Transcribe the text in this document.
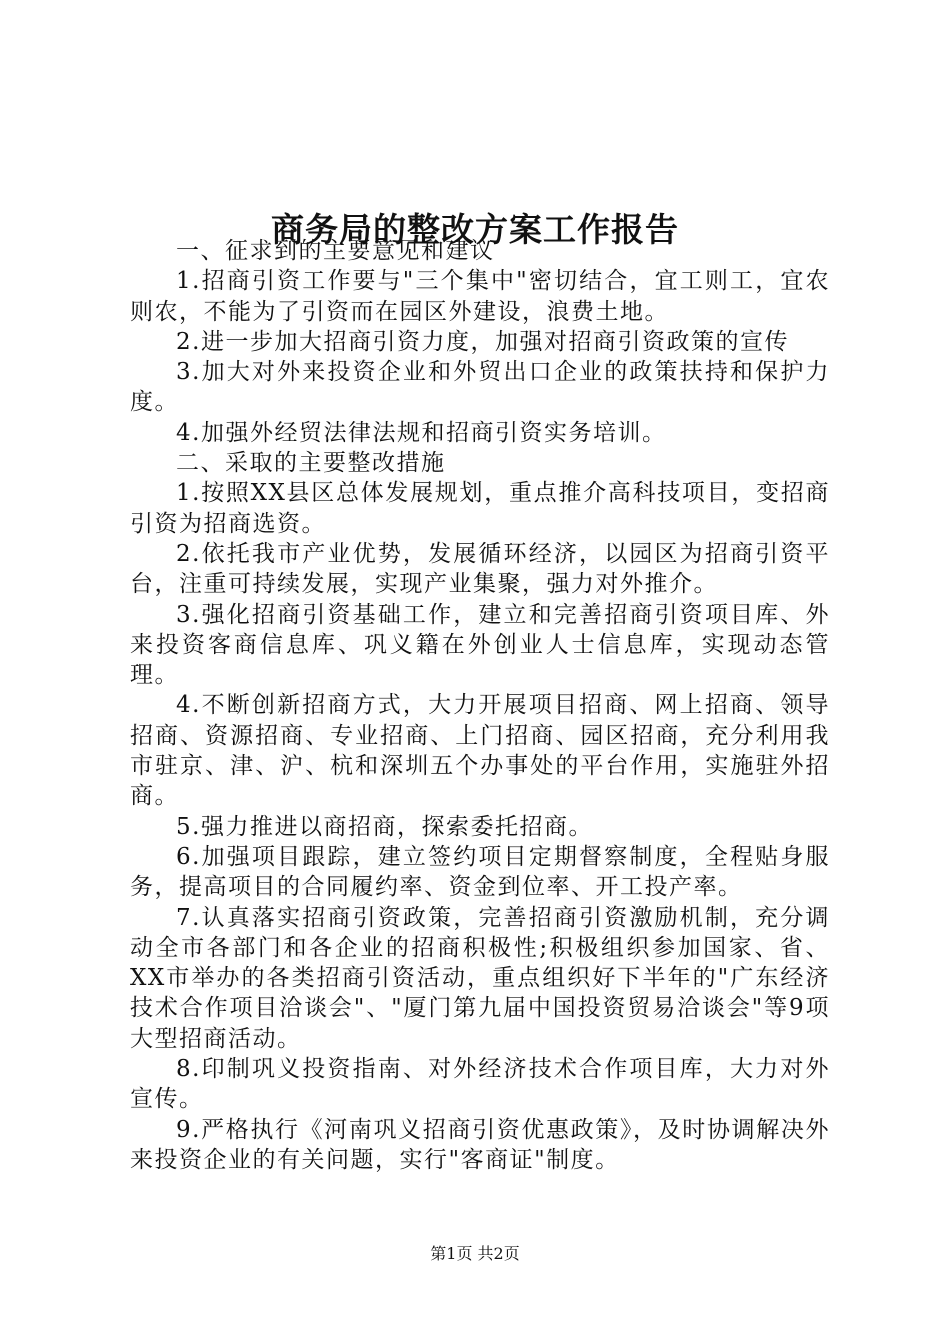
商务局的整改方案工作报告

一、征求到的主要意见和建议

1.招商引资工作要与"三个集中"密切结合，宜工则工，宜农则农，不能为了引资而在园区外建设，浪费土地。

2.进一步加大招商引资力度，加强对招商引资政策的宣传

3.加大对外来投资企业和外贸出口企业的政策扶持和保护力度。

4.加强外经贸法律法规和招商引资实务培训。

二、采取的主要整改措施

1.按照XX县区总体发展规划，重点推介高科技项目，变招商引资为招商选资。

2.依托我市产业优势，发展循环经济，以园区为招商引资平台，注重可持续发展，实现产业集聚，强力对外推介。

3.强化招商引资基础工作，建立和完善招商引资项目库、外来投资客商信息库、巩义籍在外创业人士信息库，实现动态管理。

4.不断创新招商方式，大力开展项目招商、网上招商、领导招商、资源招商、专业招商、上门招商、园区招商，充分利用我市驻京、津、沪、杭和深圳五个办事处的平台作用，实施驻外招商。

5.强力推进以商招商，探索委托招商。

6.加强项目跟踪，建立签约项目定期督察制度，全程贴身服务，提高项目的合同履约率、资金到位率、开工投产率。

7.认真落实招商引资政策，完善招商引资激励机制，充分调动全市各部门和各企业的招商积极性;积极组织参加国家、省、XX市举办的各类招商引资活动，重点组织好下半年的"广东经济技术合作项目洽谈会"、"厦门第九届中国投资贸易洽谈会"等9项大型招商活动。

8.印制巩义投资指南、对外经济技术合作项目库，大力对外宣传。

9.严格执行《河南巩义招商引资优惠政策》，及时协调解决外来投资企业的有关问题，实行"客商证"制度。

第1页 共2页
